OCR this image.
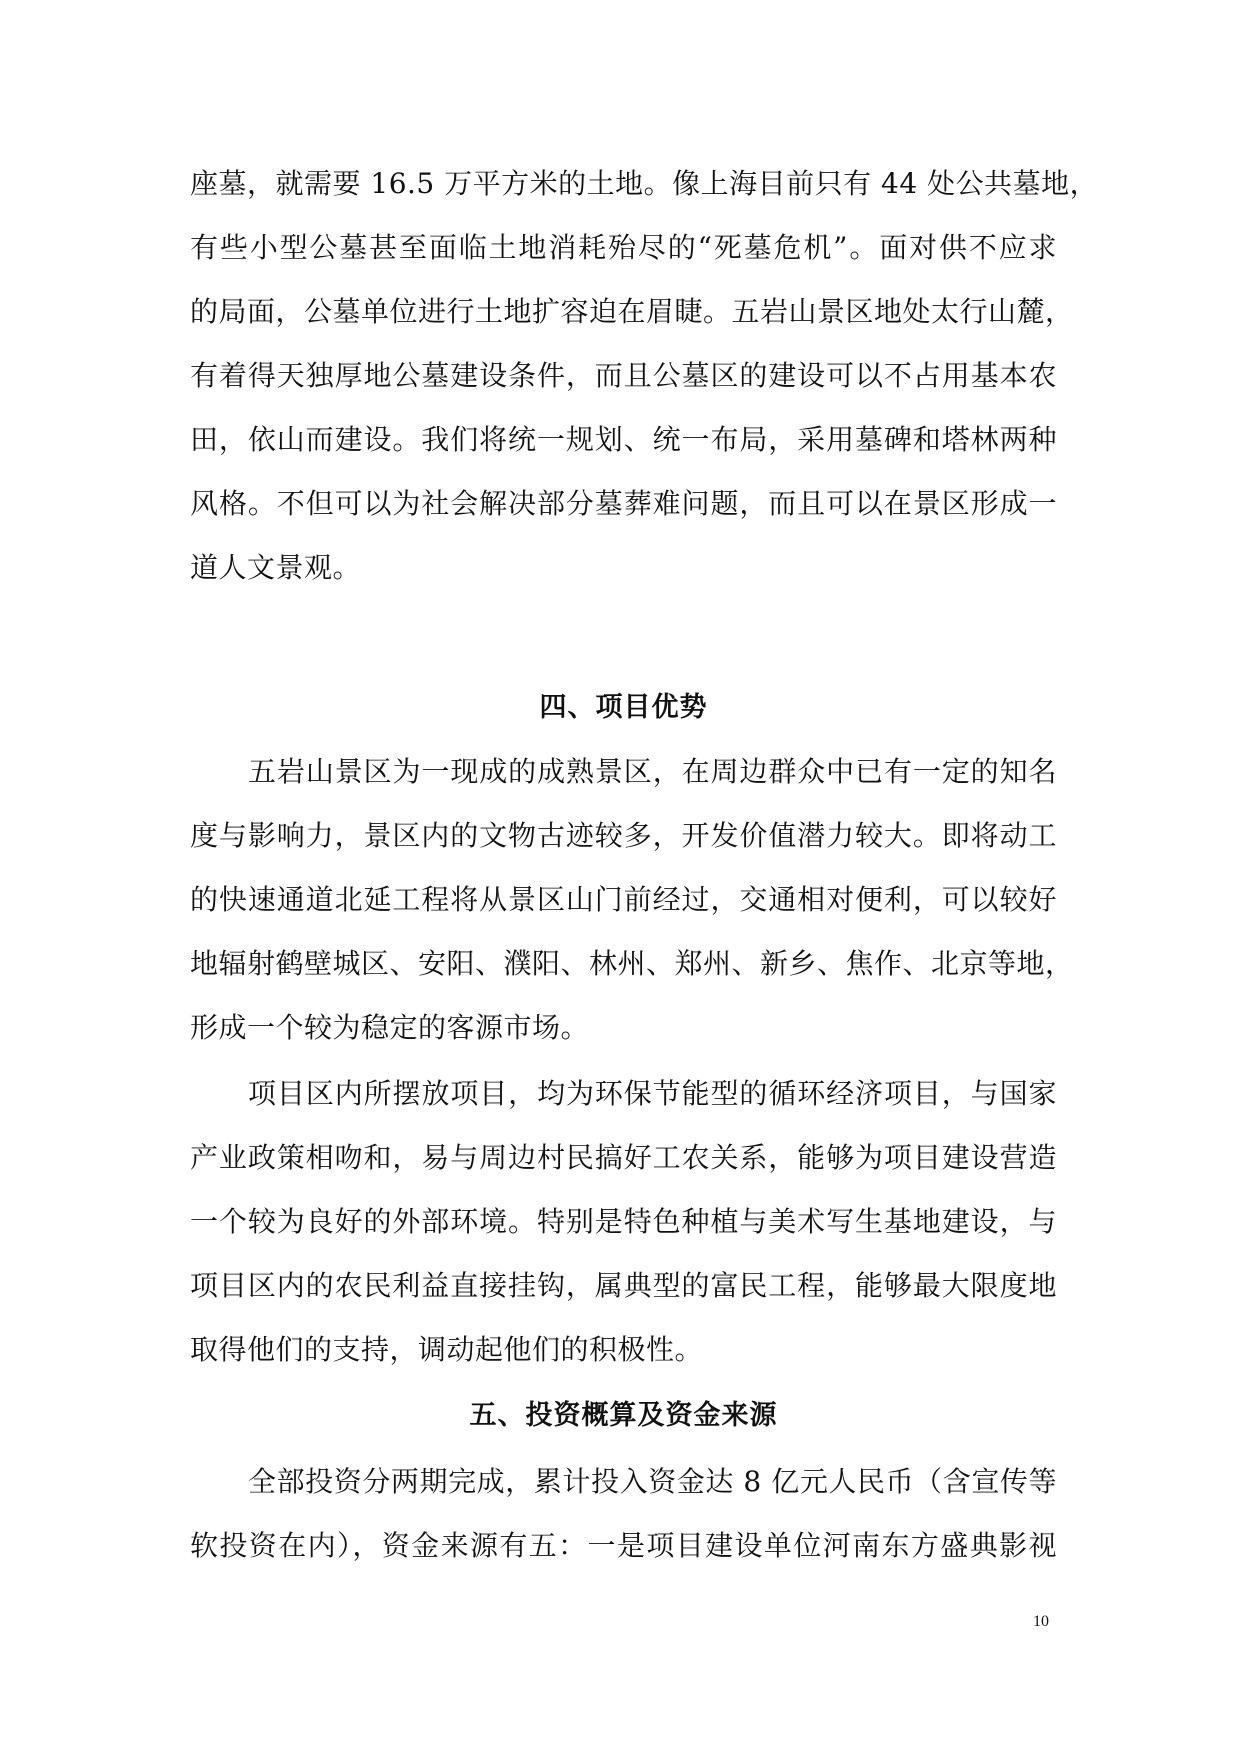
座墓，就需要 16.5 万平方米的土地。像上海目前只有 44 处公共墓地，
有些小型公墓甚至面临土地消耗殆尽的“死墓危机”。面对供不应求
的局面，公墓单位进行土地扩容迫在眉睫。五岩山景区地处太行山麓，
有着得天独厚地公墓建设条件，而且公墓区的建设可以不占用基本农
田，依山而建设。我们将统一规划、统一布局，采用墓碑和塔林两种
风格。不但可以为社会解决部分墓葬难问题，而且可以在景区形成一
道人文景观。
四、项目优势
五岩山景区为一现成的成熟景区，在周边群众中已有一定的知名
度与影响力，景区内的文物古迹较多，开发价值潜力较大。即将动工
的快速通道北延工程将从景区山门前经过，交通相对便利，可以较好
地辐射鹤壁城区、安阳、濮阳、林州、郑州、新乡、焦作、北京等地，
形成一个较为稳定的客源市场。
项目区内所摆放项目，均为环保节能型的循环经济项目，与国家
产业政策相吻和，易与周边村民搞好工农关系，能够为项目建设营造
一个较为良好的外部环境。特别是特色种植与美术写生基地建设，与
项目区内的农民利益直接挂钩，属典型的富民工程，能够最大限度地
取得他们的支持，调动起他们的积极性。
五、投资概算及资金来源
全部投资分两期完成，累计投入资金达 8 亿元人民币（含宣传等
软投资在内），资金来源有五：一是项目建设单位河南东方盛典影视
10
